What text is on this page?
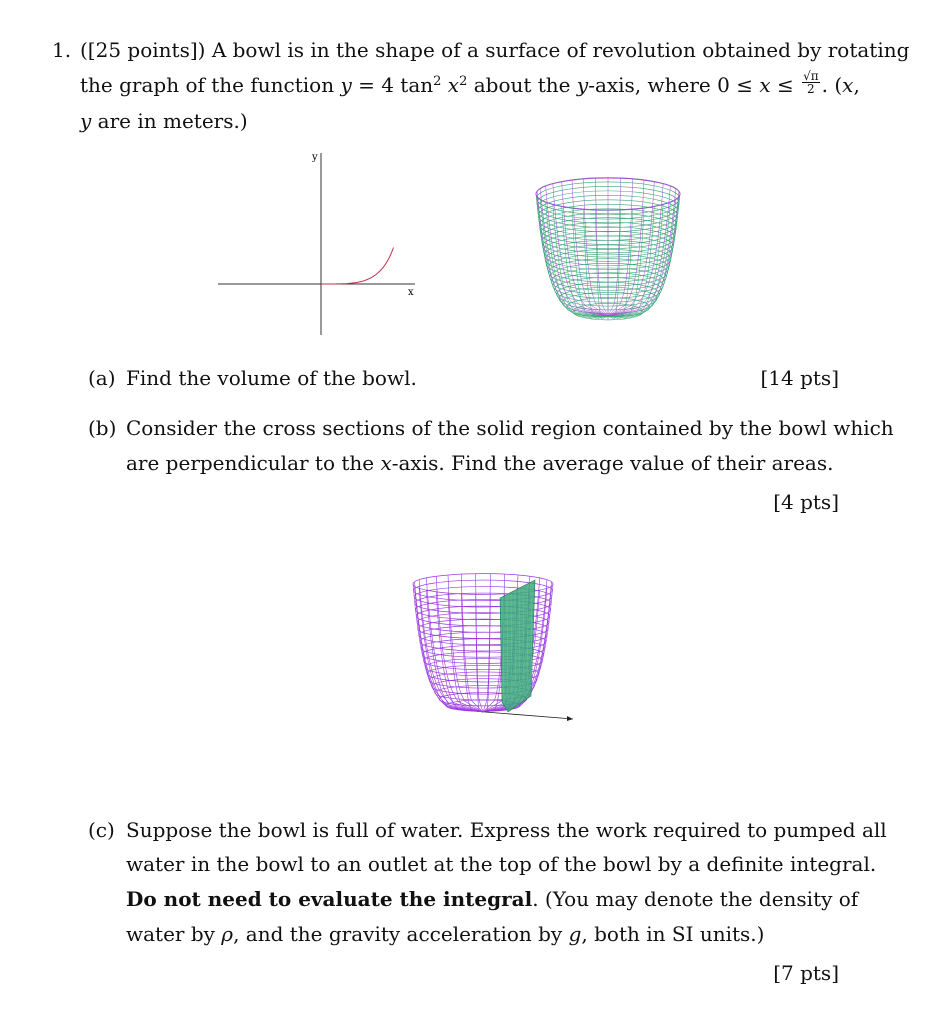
1. ([25 points]) A bowl is in the shape of a surface of revolution obtained by rotating
the graph of the function y = 4 $\tan^2 x^2$ about the y-axis, where $0 \le x \le \frac{√\pi}{2}$ . (x,
y are in meters.)
y
x
(a) Find the volume of the bowl.	[14 pts]
(b) Consider the cross sections of the solid region contained by the bowl which
are perpendicular to the x-axis. Find the average value of their areas.
[4 pts]
(c) Suppose the bowl is full of water. Express the work required to pumped all
water in the bowl to an outlet at the top of the bowl by a definite integral.
Do not need to evaluate the integral. (You may denote the density of
water by ρ, and the gravity acceleration by g, both in SI units.)
[7 pts]
